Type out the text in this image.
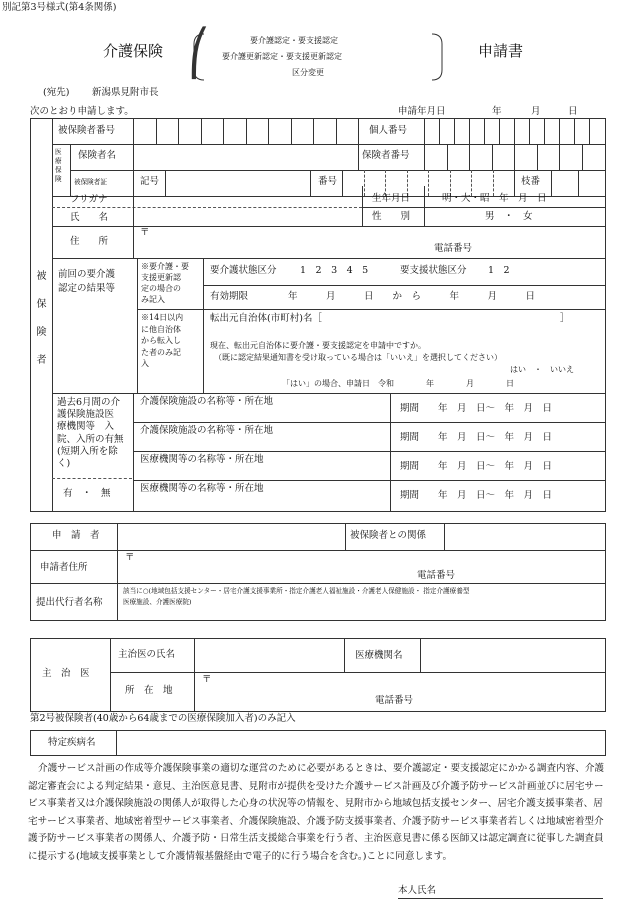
別記第3号様式(第4条関係)
介護保険 ⎛	要介護認定・要支援認定
要介護更新認定・要支援更新認定
区分変更
申請書
(宛先) 新潟県見附市長
次のとおり申請します。	申請年月日	年	月	日
被保険者
被保険者番号	個人番号
医療保険
保険者名	保険者番号
被保険者証	記号	番号	枝番
フリガナ
氏　　名
生年月日	明・大・昭　年　月　日
性　　別	男　・　女
住　　所
〒
電話番号
前回の要介護
認定の結果等
※要介護・要
支援更新認
定の場合の
み記入
要介護状態区分 1　2　3　4　5	要支援状態区分 1　2
有効期限	年　　　月　　　日　　か　ら　　　年　　　月　　　日
※14日以内
に他自治体
から転入し
た者のみ記
入
転出元自治体(市町村)名［	］
現在、転出元自治体に要介護・要支援認定を申請中ですか。
（既に認定結果通知書を受け取っている場合は「いいえ」を選択してください）
はい　・　いいえ
「はい」の場合、申請日　令和　　　　年　　　　月　　　　日
過去6月間の介
護保険施設医
療機関等　入
院、入所の有無
(短期入所を除
く)
有　・　無
介護保険施設の名称等・所在地
期間　　年　月　日～　年　月　日
介護保険施設の名称等・所在地
期間　　年　月　日～　年　月　日
医療機関等の名称等・所在地
期間　　年　月　日～　年　月　日
医療機関等の名称等・所在地
期間　　年　月　日～　年　月　日
申　請　者	被保険者との関係
申請者住所
〒
電話番号
提出代行者名称
該当に○(地域包括支援センター・居宅介護支援事業所・指定介護老人福祉施設・介護老人保健施設・ 指定介護療養型
医療施設、介護医療院)
主　治　医
主治医の氏名	医療機関名
所　在　地
〒
電話番号
第2号被保険者(40歳から64歳までの医療保険加入者)のみ記入
特定疾病名
介護サービス計画の作成等介護保険事業の適切な運営のために必要があるときは、要介護認定・要支援認定にかかる調査内容、介護認定審査会による判定結果・意見、主治医意見書、見附市が提供を受けた介護サービス計画及び介護予防サービス計画並びに居宅サービス事業者又は介護保険施設の関係人が取得した心身の状況等の情報を、見附市から地域包括支援センター、居宅介護支援事業者、居宅サービス事業者、地域密着型サービス事業者、介護保険施設、介護予防支援事業者、介護予防サービス事業者若しくは地域密着型介護予防サービス事業者の関係人、介護予防・日常生活支援総合事業を行う者、主治医意見書に係る医師又は認定調査に従事した調査員に提示する(地域支援事業として介護情報基盤経由で電子的に行う場合を含む。)ことに同意します。
本人氏名
